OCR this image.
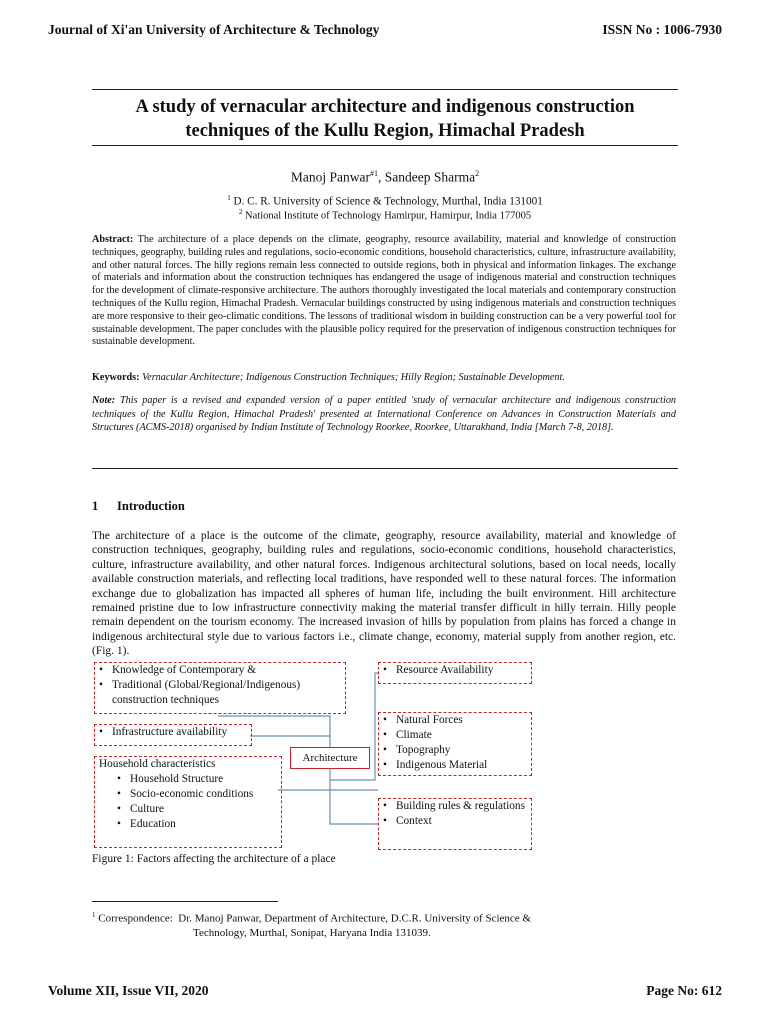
Journal of Xi'an University of Architecture & Technology	ISSN No : 1006-7930
A study of vernacular architecture and indigenous construction
techniques of the Kullu Region, Himachal Pradesh
Manoj Panwar$^{\#1}$, Sandeep Sharma$^2$
$^1$ D. C. R. University of Science & Technology, Murthal, India 131001
$^2$ National Institute of Technology Hamirpur, Hamirpur, India 177005
Abstract: The architecture of a place depends on the climate, geography, resource availability, material and knowledge of construction techniques, geography, building rules and regulations, socio-economic conditions, household characteristics, culture, infrastructure availability, and other natural forces. The hilly regions remain less connected to outside regions, both in physical and information linkages. The exchange of materials and information about the construction techniques has endangered the usage of indigenous material and construction techniques for the development of climate-responsive architecture. The authors thoroughly investigated the local materials and contemporary construction techniques of the Kullu region, Himachal Pradesh. Vernacular buildings constructed by using indigenous materials and construction techniques are more responsive to their geo-climatic conditions. The lessons of traditional wisdom in building construction can be a very powerful tool for sustainable development. The paper concludes with the plausible policy required for the preservation of indigenous construction techniques for sustainable development.
Keywords: Vernacular Architecture; Indigenous Construction Techniques; Hilly Region; Sustainable Development.
Note: This paper is a revised and expanded version of a paper entitled 'study of vernacular architecture and indigenous construction techniques of the Kullu Region, Himachal Pradesh' presented at International Conference on Advances in Construction Materials and Structures (ACMS-2018) organised by Indian Institute of Technology Roorkee, Roorkee, Uttarakhand, India [March 7-8, 2018].
1 Introduction
The architecture of a place is the outcome of the climate, geography, resource availability, material and knowledge of construction techniques, geography, building rules and regulations, socio-economic conditions, household characteristics, culture, infrastructure availability, and other natural forces. Indigenous architectural solutions, based on local needs, locally available construction materials, and reflecting local traditions, have responded well to these natural forces. The information exchange due to globalization has impacted all spheres of human life, including the built environment. Hill architecture remained pristine due to low infrastructure connectivity making the material transfer difficult in hilly terrain. Hilly people remain dependent on the tourism economy. The increased invasion of hills by population from plains has forced a change in indigenous architectural style due to various factors i.e., climate change, economy, material supply from another region, etc. (Fig. 1).
• Knowledge of Contemporary &
• Traditional (Global/Regional/Indigenous) construction techniques
• Infrastructure availability
Household characteristics
• Household Structure
• Socio-economic conditions
• Culture
• Education
Architecture
• Resource Availability
• Natural Forces
• Climate
• Topography
• Indigenous Material
• Building rules & regulations
• Context
Figure 1: Factors affecting the architecture of a place
$^1$ Correspondence: Dr. Manoj Panwar, Department of Architecture, D.C.R. University of Science &
Technology, Murthal, Sonipat, Haryana India 131039.
Volume XII, Issue VII, 2020	Page No: 612
